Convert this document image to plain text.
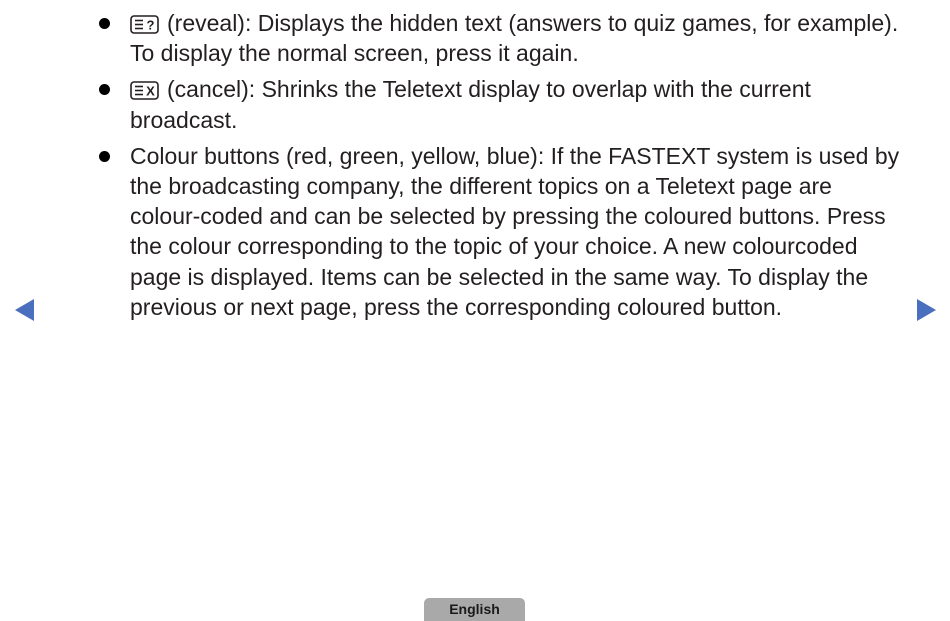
? (reveal): Displays the hidden text (answers to quiz games, for example). To display the normal screen, press it again.
X (cancel): Shrinks the Teletext display to overlap with the current broadcast.
Colour buttons (red, green, yellow, blue): If the FASTEXT system is used by the broadcasting company, the different topics on a Teletext page are colour-coded and can be selected by pressing the coloured buttons. Press the colour corresponding to the topic of your choice. A new colourcoded page is displayed. Items can be selected in the same way. To display the previous or next page, press the corresponding coloured button.
English
